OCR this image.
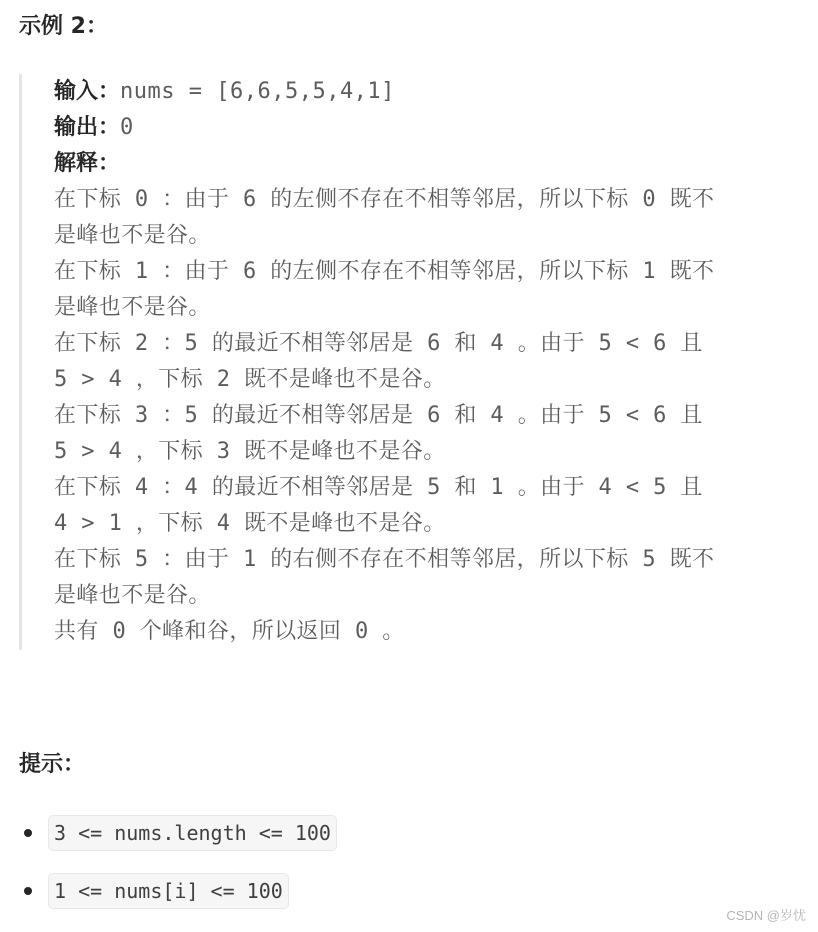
示例 2：
输入：nums = [6,6,5,5,4,1]
输出：0
解释：
在下标 0 ：由于 6 的左侧不存在不相等邻居，所以下标 0 既不
是峰也不是谷。
在下标 1 ：由于 6 的左侧不存在不相等邻居，所以下标 1 既不
是峰也不是谷。
在下标 2 ：5 的最近不相等邻居是 6 和 4 。由于 5 < 6 且
5 > 4 ，下标 2 既不是峰也不是谷。
在下标 3 ：5 的最近不相等邻居是 6 和 4 。由于 5 < 6 且
5 > 4 ，下标 3 既不是峰也不是谷。
在下标 4 ：4 的最近不相等邻居是 5 和 1 。由于 4 < 5 且
4 > 1 ，下标 4 既不是峰也不是谷。
在下标 5 ：由于 1 的右侧不存在不相等邻居，所以下标 5 既不
是峰也不是谷。
共有 0 个峰和谷，所以返回 0 。
提示：
3 <= nums.length <= 100
1 <= nums[i] <= 100
CSDN @岁忧
